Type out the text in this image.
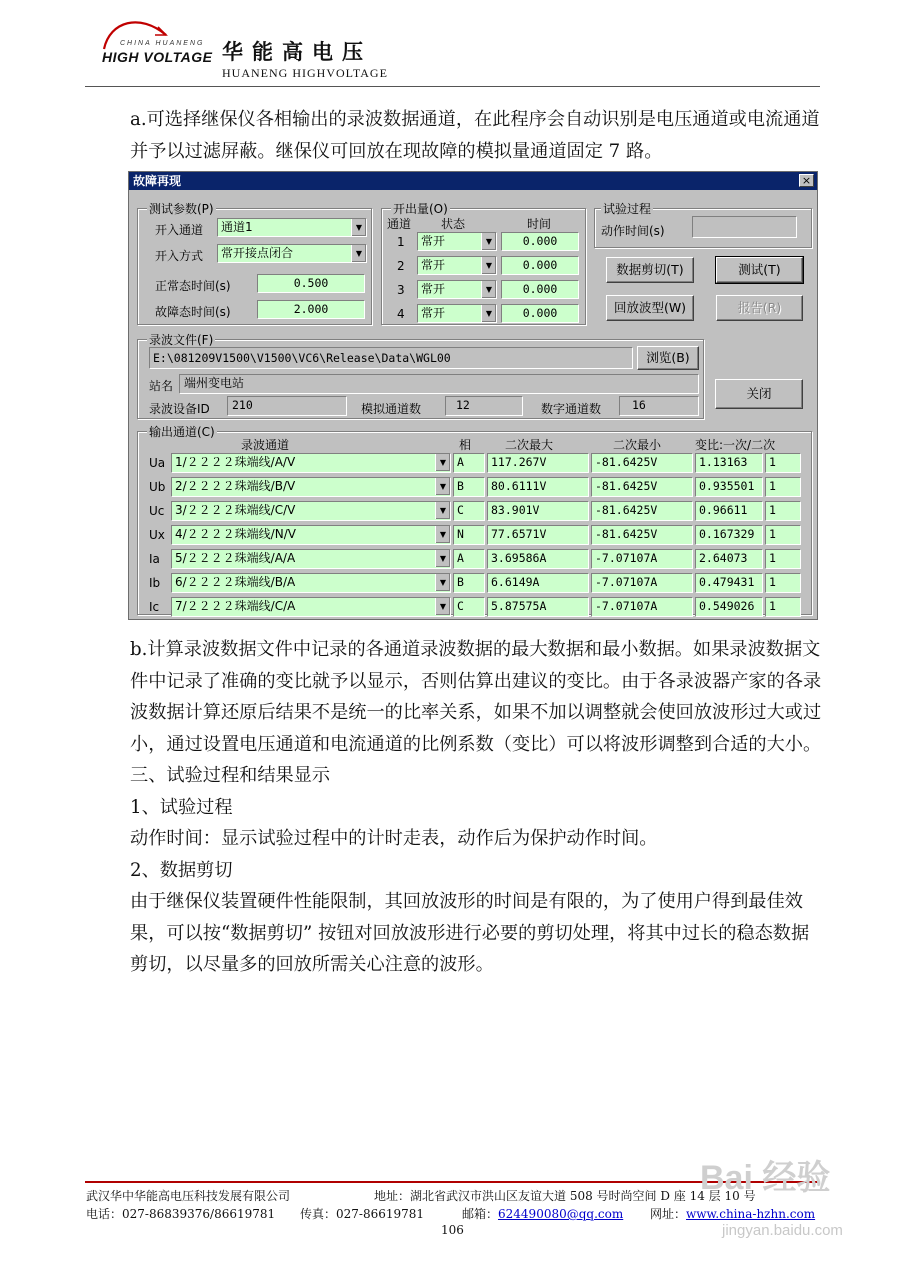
CHINA HUANENG
HIGH VOLTAGE 华能高电压
HUANENG HIGHVOLTAGE
a.可选择继保仪各相输出的录波数据通道，在此程序会自动识别是电压通道或电流通道并予以过滤屏蔽。继保仪可回放在现故障的模拟量通道固定 7 路。
故障再现	×
测试参数(P)
开入通道	通道1	▼
开入方式	常开接点闭合	▼
正常态时间(s)	0.500
故障态时间(s)	2.000
开出量(O)
通道 状态	时间
1	常开	▼	0.000
2	常开	▼	0.000
3	常开	▼	0.000
4	常开	▼	0.000
试验过程
动作时间(s)
数据剪切(T)	测试(T)
回放波型(W)	报告(R)
录波文件(F)
E:\081209V1500\V1500\VC6\Release\Data\WGL00	浏览(B)
站名 端州变电站
录波设备ID	210	模拟通道数	12	数字通道数	16
关闭
输出通道(C)
录波通道	相	二次最大	二次最小	变比:一次/二次
Ua 1/２２２２珠端线/A/V	▼ A	117.267V	-81.6425V	1.13163	1
Ub 2/２２２２珠端线/B/V	▼ B	80.6111V	-81.6425V	0.935501	1
Uc 3/２２２２珠端线/C/V	▼ C	83.901V	-81.6425V	0.96611	1
Ux 4/２２２２珠端线/N/V	▼ N	77.6571V	-81.6425V	0.167329	1
Ia	5/２２２２珠端线/A/A	▼ A	3.69586A	-7.07107A	2.64073	1
Ib	6/２２２２珠端线/B/A	▼ B	6.6149A	-7.07107A	0.479431	1
Ic	7/２２２２珠端线/C/A	▼ C	5.87575A	-7.07107A	0.549026	1
b.计算录波数据文件中记录的各通道录波数据的最大数据和最小数据。如果录波数据文件中记录了准确的变比就予以显示，否则估算出建议的变比。由于各录波器产家的各录波数据计算还原后结果不是统一的比率关系，如果不加以调整就会使回放波形过大或过小，通过设置电压通道和电流通道的比例系数（变比）可以将波形调整到合适的大小。
三、试验过程和结果显示
1、试验过程
动作时间：显示试验过程中的计时走表，动作后为保护动作时间。
2、数据剪切
由于继保仪装置硬件性能限制，其回放波形的时间是有限的，为了使用户得到最佳效果，可以按“数据剪切” 按钮对回放波形进行必要的剪切处理，将其中过长的稳态数据剪切，以尽量多的回放所需关心注意的波形。
武汉华中华能高电压科技发展有限公司	地址：湖北省武汉市洪山区友谊大道 508 号时尚空间 D 座 14 层 10 号
电话：027-86839376/86619781 传真：027-86619781	邮箱：624490080@qq.com 网址：www.china-hzhn.com
106
Bai 经验
jingyan.baidu.com
